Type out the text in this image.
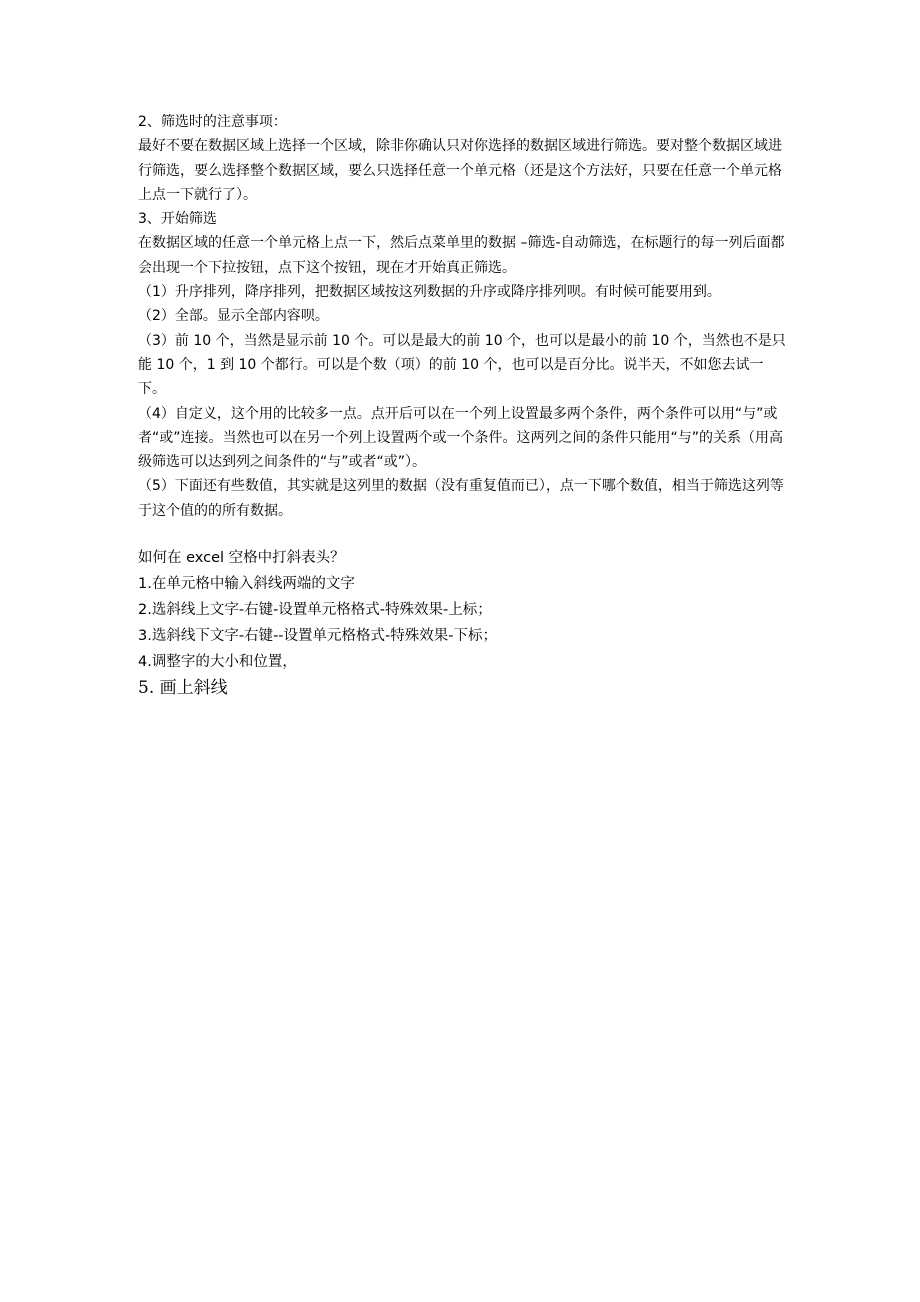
2、筛选时的注意事项：

最好不要在数据区域上选择一个区域，除非你确认只对你选择的数据区域进行筛选。要对整个数据区域进行筛选，要么选择整个数据区域，要么只选择任意一个单元格（还是这个方法好，只要在任意一个单元格上点一下就行了）。

3、开始筛选

在数据区域的任意一个单元格上点一下，然后点菜单里的数据 –筛选-自动筛选，在标题行的每一列后面都会出现一个下拉按钮，点下这个按钮，现在才开始真正筛选。

（1）升序排列，降序排列，把数据区域按这列数据的升序或降序排列呗。有时候可能要用到。

（2）全部。显示全部内容呗。

（3）前 10 个，当然是显示前 10 个。可以是最大的前 10 个，也可以是最小的前 10 个，当然也不是只能 10 个，1 到 10 个都行。可以是个数（项）的前 10 个，也可以是百分比。说半天，不如您去试一下。

（4）自定义，这个用的比较多一点。点开后可以在一个列上设置最多两个条件，两个条件可以用“与”或者“或”连接。当然也可以在另一个列上设置两个或一个条件。这两列之间的条件只能用“与”的关系（用高级筛选可以达到列之间条件的“与”或者“或”）。

（5）下面还有些数值，其实就是这列里的数据（没有重复值而已），点一下哪个数值，相当于筛选这列等于这个值的的所有数据。

如何在 excel 空格中打斜表头？

1.在单元格中输入斜线两端的文字

2.选斜线上文字-右键-设置单元格格式-特殊效果-上标；

3.选斜线下文字-右键--设置单元格格式-特殊效果-下标；

4.调整字的大小和位置，

5. 画上斜线
